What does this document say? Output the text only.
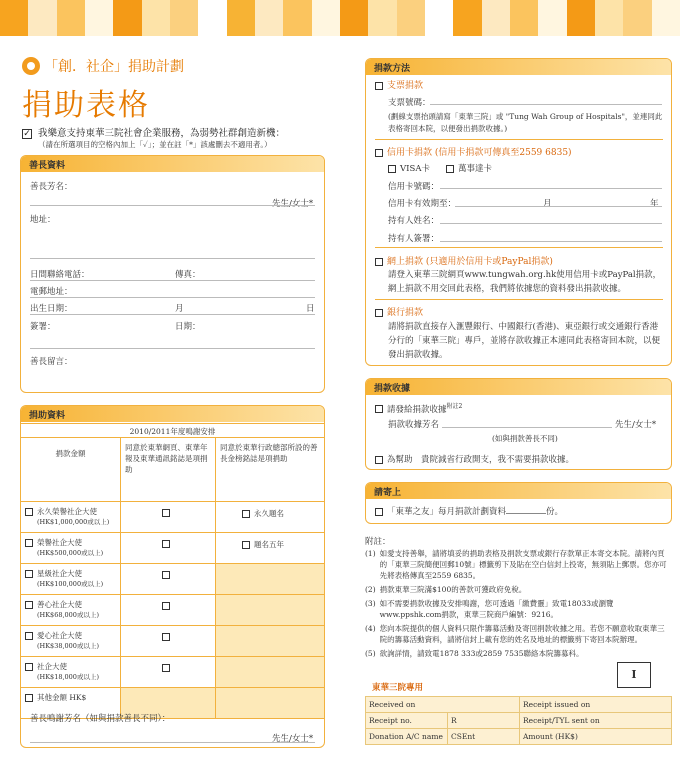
「創．社企」捐助計劃
捐助表格
✓ 我樂意支持東華三院社會企業服務，為弱勢社群創造新機：
（請在所選項目的空格內加上「✓」；並在註「*」該處刪去不適用者。）
善長資料
善長芳名：
先生/女士*
地址：
日間聯絡電話：	傳真：
電郵地址：
出生日期：	月	日
簽署：	日期：
善長留言：
捐助資料
2010/2011年度鳴謝安排		
捐款金額	同意於東華網頁、東華年報及東華通訊銘誌是項捐助	同意於東華行政總部所設的善長金榜銘誌是項捐助
永久榮譽社企大使
(HK$1,000,000或以上)		永久題名
榮譽社企大使
(HK$500,000或以上)		題名五年
星級社企大使
(HK$100,000或以上)		
善心社企大使
(HK$68,000或以上)		
愛心社企大使
(HK$38,000或以上)		
社企大使
(HK$18,000或以上)		
其他金額 HK$		
善長鳴謝芳名（如與捐款善長不同）：
先生/女士*
捐款方法
支票捐款
支票號碼：
(劃線支票抬頭請寫「東華三院」或 "Tung Wah Group of Hospitals"，並連同此表格寄回本院，以便發出捐款收據。)
信用卡捐款 (信用卡捐款可傳真至2559 6835)
VISA卡	萬事達卡
信用卡號碼：
信用卡有效期至：	月	年
持有人姓名：
持有人簽署：
網上捐款 (只適用於信用卡或PayPal捐款)
請登入東華三院網頁www.tungwah.org.hk使用信用卡或PayPal捐款，網上捐款不用交回此表格，我們將依據您的資料發出捐款收據。
銀行捐款
請將捐款直接存入滙豐銀行、中國銀行(香港)、東亞銀行或交通銀行香港分行的「東華三院」專戶，並將存款收據正本連同此表格寄回本院，以便發出捐款收據。
捐款收據
請發給捐款收據$^{附註2}$
捐款收據芳名	先生/女士*
(如與捐款善長不同)
為幫助　貴院減省行政開支，我不需要捐款收據。
請寄上
「東華之友」每月捐款計劃資料	份。
附註：
(1) 如愛支持善舉，請將填妥的捐助表格及捐款支票或銀行存款單正本寄交本院。請將內頁的「東華三院簡便回郵10號」標籤剪下及貼在空白信封上投寄，無須貼上郵票。您亦可先將表格傳真至2559 6835。
(2) 捐款東華三院滿$100的善款可獲政府免稅。
(3) 如不需要捐款收據及安排鳴謝，您可透過「繳費靈」致電18033或瀏覽www.ppshk.com捐款，東華三院商戶編號：9216。
(4) 您向本院提供的個人資料只限作籌募活動及寄回捐款收據之用。若您不願意收取東華三院的籌募活動資料，請將信封上載有您的姓名及地址的標籤剪下寄回本院辦理。
(5) 欲詢詳情，請致電1878 333或2859 7535聯絡本院籌募科。
東華三院專用
I
Received on		Receipt issued on
Receipt no.	R	Receipt/TYL sent on
Donation A/C name	CSEnt	Amount (HK$)
